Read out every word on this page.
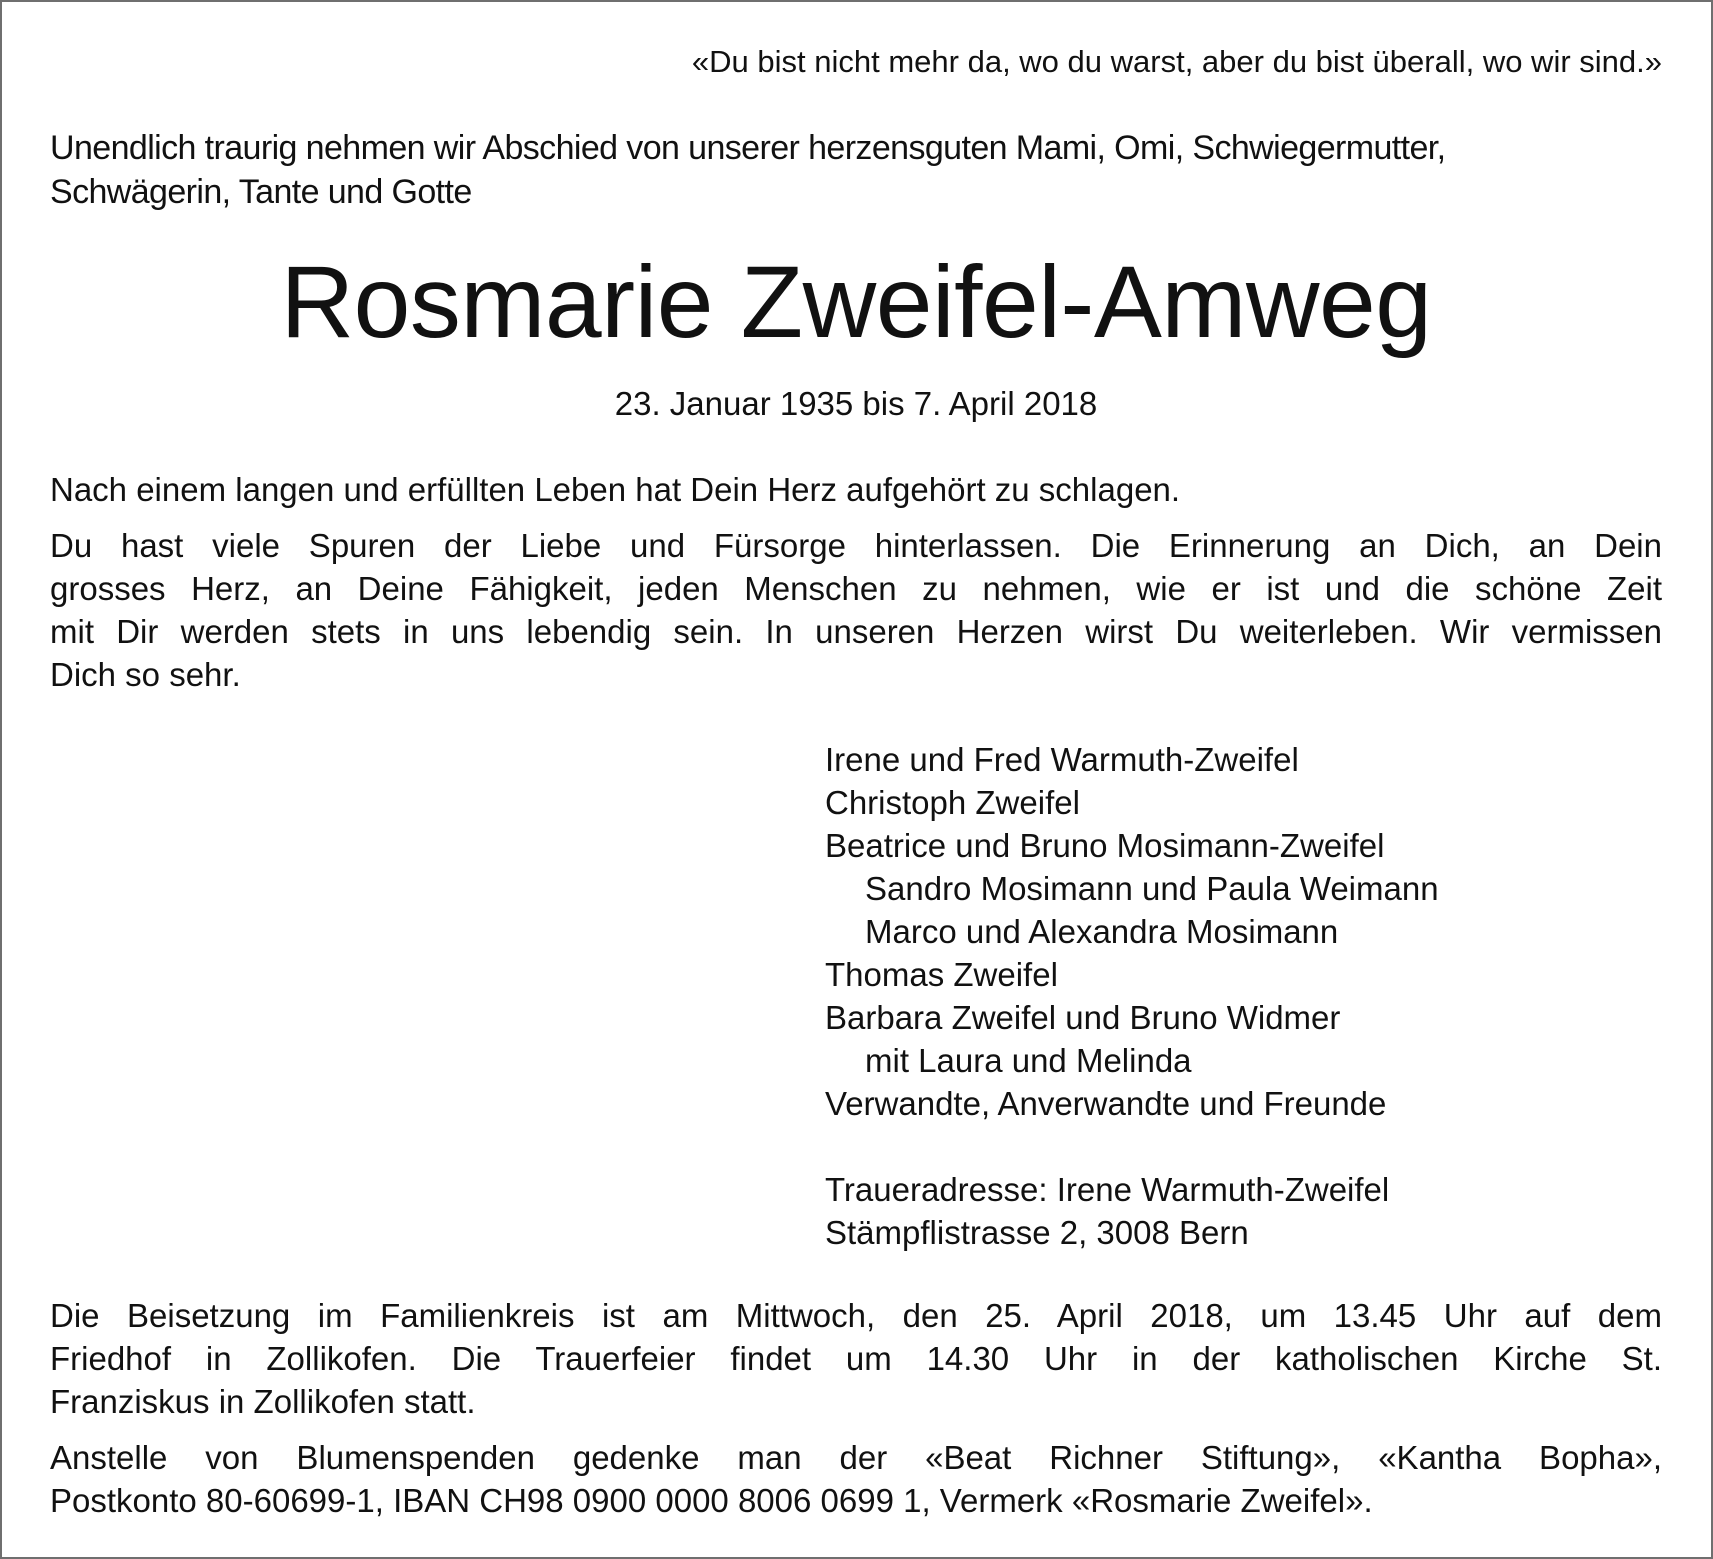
«Du bist nicht mehr da, wo du warst, aber du bist überall, wo wir sind.»
Unendlich traurig nehmen wir Abschied von unserer herzensguten Mami, Omi, Schwiegermutter,
Schwägerin, Tante und Gotte
Rosmarie Zweifel-Amweg
23. Januar 1935 bis 7. April 2018
Nach einem langen und erfüllten Leben hat Dein Herz aufgehört zu schlagen.
Du hast viele Spuren der Liebe und Fürsorge hinterlassen. Die Erinnerung an Dich, an Dein
grosses Herz, an Deine Fähigkeit, jeden Menschen zu nehmen, wie er ist und die schöne Zeit
mit Dir werden stets in uns lebendig sein. In unseren Herzen wirst Du weiterleben. Wir vermissen
Dich so sehr.
Die Beisetzung im Familienkreis ist am Mittwoch, den 25. April 2018, um 13.45 Uhr auf dem
Friedhof in Zollikofen. Die Trauerfeier findet um 14.30 Uhr in der katholischen Kirche St.
Franziskus in Zollikofen statt.
Anstelle von Blumenspenden gedenke man der «Beat Richner Stiftung», «Kantha Bopha»,
Postkonto 80-60699-1, IBAN CH98 0900 0000 8006 0699 1, Vermerk «Rosmarie Zweifel».
Irene und Fred Warmuth-Zweifel
Christoph Zweifel
Beatrice und Bruno Mosimann-Zweifel
Sandro Mosimann und Paula Weimann
Marco und Alexandra Mosimann
Thomas Zweifel
Barbara Zweifel und Bruno Widmer
mit Laura und Melinda
Verwandte, Anverwandte und Freunde
Traueradresse: Irene Warmuth-Zweifel
Stämpflistrasse 2, 3008 Bern
